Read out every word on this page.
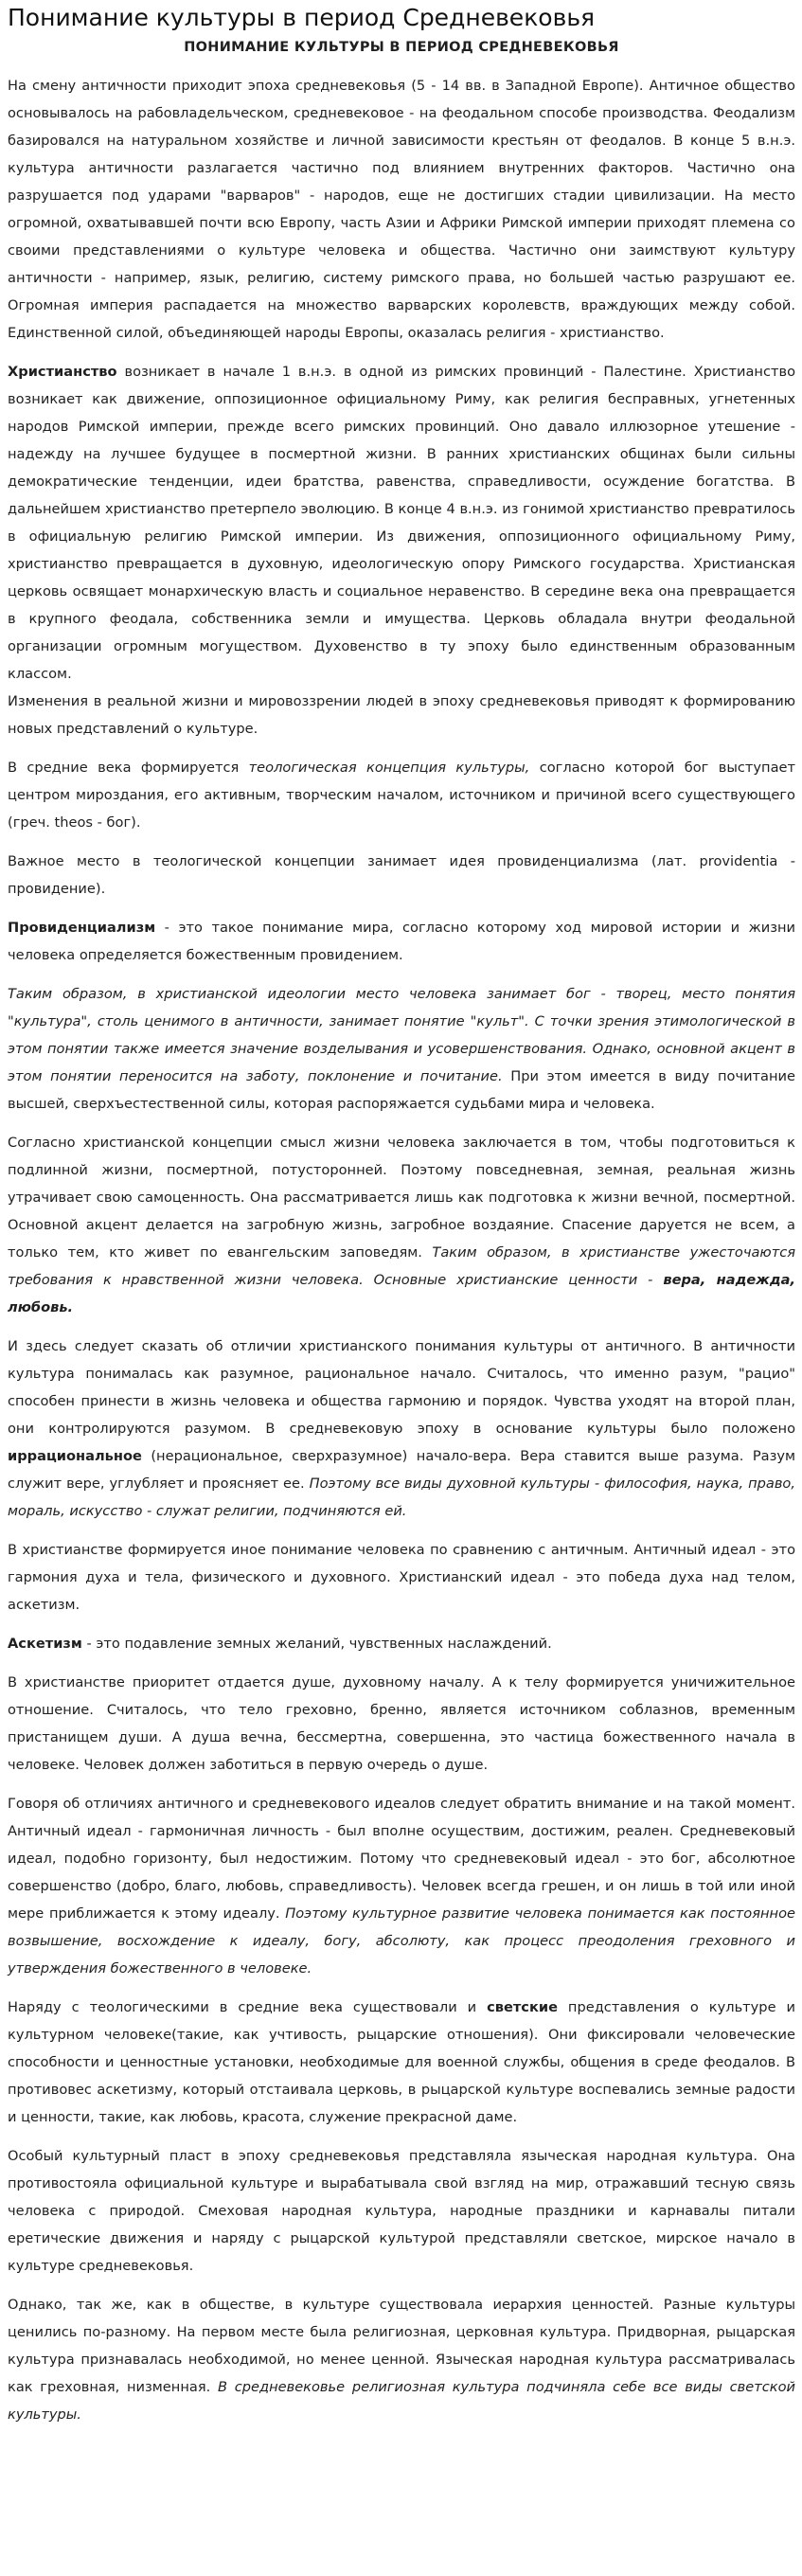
Понимание культуры в период Средневековья
ПОНИМАНИЕ КУЛЬТУРЫ В ПЕРИОД СРЕДНЕВЕКОВЬЯ

На смену античности приходит эпоха средневековья (5 - 14 вв. в Западной Европе). Античное общество основывалось на рабовладельческом, средневековое - на феодальном способе производства. Феодализм базировался на натуральном хозяйстве и личной зависимости крестьян от феодалов. В конце 5 в.н.э. культура античности разлагается частично под влиянием внутренних факторов. Частично она разрушается под ударами "варваров" - народов, еще не достигших стадии цивилизации. На место огромной, охватывавшей почти всю Европу, часть Азии и Африки Римской империи приходят племена со своими представлениями о культуре человека и общества. Частично они заимствуют культуру античности - например, язык, религию, систему римского права, но большей частью разрушают ее. Огромная империя распадается на множество варварских королевств, враждующих между собой. Единственной силой, объединяющей народы Европы, оказалась религия - христианство.

Христианство возникает в начале 1 в.н.э. в одной из римских провинций - Палестине. Христианство возникает как движение, оппозиционное официальному Риму, как религия бесправных, угнетенных народов Римской империи, прежде всего римских провинций. Оно давало иллюзорное утешение - надежду на лучшее будущее в посмертной жизни. В ранних христианских общинах были сильны демократические тенденции, идеи братства, равенства, справедливости, осуждение богатства. В дальнейшем христианство претерпело эволюцию. В конце 4 в.н.э. из гонимой христианство превратилось в официальную религию Римской империи. Из движения, оппозиционного официальному Риму, христианство превращается в духовную, идеологическую опору Римского государства. Христианская церковь освящает монархическую власть и социальное неравенство. В середине века она превращается в крупного феодала, собственника земли и имущества. Церковь обладала внутри феодальной организации огромным могуществом. Духовенство в ту эпоху было единственным образованным классом.

Изменения в реальной жизни и мировоззрении людей в эпоху средневековья приводят к формированию новых представлений о культуре.

В средние века формируется теологическая концепция культуры, согласно которой бог выступает центром мироздания, его активным, творческим началом, источником и причиной всего существующего (греч. theos - бог).

Важное место в теологической концепции занимает идея провиденциализма (лат. providentia - провидение).

Провиденциализм - это такое понимание мира, согласно которому ход мировой истории и жизни человека определяется божественным провидением.

Таким образом, в христианской идеологии место человека занимает бог - творец, место понятия "культура", столь ценимого в античности, занимает понятие "культ". С точки зрения этимологической в этом понятии также имеется значение возделывания и усовершенствования. Однако, основной акцент в этом понятии переносится на заботу, поклонение и почитание. При этом имеется в виду почитание высшей, сверхъестественной силы, которая распоряжается судьбами мира и человека.

Согласно христианской концепции смысл жизни человека заключается в том, чтобы подготовиться к подлинной жизни, посмертной, потусторонней. Поэтому повседневная, земная, реальная жизнь утрачивает свою самоценность. Она рассматривается лишь как подготовка к жизни вечной, посмертной. Основной акцент делается на загробную жизнь, загробное воздаяние. Спасение даруется не всем, а только тем, кто живет по евангельским заповедям. Таким образом, в христианстве ужесточаются требования к нравственной жизни человека. Основные христианские ценности - вера, надежда, любовь.

И здесь следует сказать об отличии христианского понимания культуры от античного. В античности культура понималась как разумное, рациональное начало. Считалось, что именно разум, "рацио" способен принести в жизнь человека и общества гармонию и порядок. Чувства уходят на второй план, они контролируются разумом. В средневековую эпоху в основание культуры было положено иррациональное (нерациональное, сверхразумное) начало-вера. Вера ставится выше разума. Разум служит вере, углубляет и проясняет ее. Поэтому все виды духовной культуры - философия, наука, право, мораль, искусство - служат религии, подчиняются ей.

В христианстве формируется иное понимание человека по сравнению с античным. Античный идеал - это гармония духа и тела, физического и духовного. Христианский идеал - это победа духа над телом, аскетизм.

Аскетизм - это подавление земных желаний, чувственных наслаждений.

В христианстве приоритет отдается душе, духовному началу. А к телу формируется уничижительное отношение. Считалось, что тело греховно, бренно, является источником соблазнов, временным пристанищем души. А душа вечна, бессмертна, совершенна, это частица божественного начала в человеке. Человек должен заботиться в первую очередь о душе.

Говоря об отличиях античного и средневекового идеалов следует обратить внимание и на такой момент. Античный идеал - гармоничная личность - был вполне осуществим, достижим, реален. Средневековый идеал, подобно горизонту, был недостижим. Потому что средневековый идеал - это бог, абсолютное совершенство (добро, благо, любовь, справедливость). Человек всегда грешен, и он лишь в той или иной мере приближается к этому идеалу. Поэтому культурное развитие человека понимается как постоянное возвышение, восхождение к идеалу, богу, абсолюту, как процесс преодоления греховного и утверждения божественного в человеке.

Наряду с теологическими в средние века существовали и светские представления о культуре и культурном человеке(такие, как учтивость, рыцарские отношения). Они фиксировали человеческие способности и ценностные установки, необходимые для военной службы, общения в среде феодалов. В противовес аскетизму, который отстаивала церковь, в рыцарской культуре воспевались земные радости и ценности, такие, как любовь, красота, служение прекрасной даме.

Особый культурный пласт в эпоху средневековья представляла языческая народная культура. Она противостояла официальной культуре и вырабатывала свой взгляд на мир, отражавший тесную связь человека с природой. Смеховая народная культура, народные праздники и карнавалы питали еретические движения и наряду с рыцарской культурой представляли светское, мирское начало в культуре средневековья.

Однако, так же, как в обществе, в культуре существовала иерархия ценностей. Разные культуры ценились по-разному. На первом месте была религиозная, церковная культура. Придворная, рыцарская культура признавалась необходимой, но менее ценной. Языческая народная культура рассматривалась как греховная, низменная. В средневековье религиозная культура подчиняла себе все виды светской культуры.
